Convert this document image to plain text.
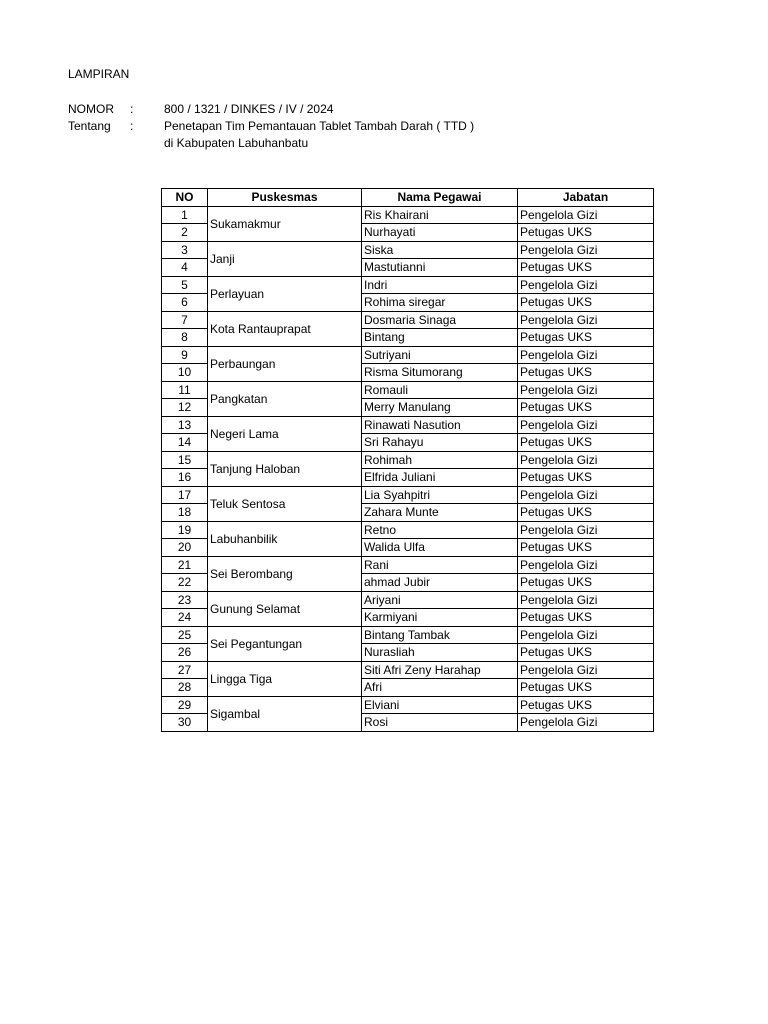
LAMPIRAN
NOMOR	:	800 / 1321 / DINKES / IV / 2024
Tentang	:	Penetapan Tim Pemantauan Tablet Tambah Darah ( TTD )
di Kabupaten Labuhanbatu
NO	Puskesmas	Nama Pegawai	Jabatan
1	Sukamakmur	Ris Khairani	Pengelola Gizi
2		Nurhayati	Petugas UKS
3	Janji	Siska	Pengelola Gizi
4		Mastutianni	Petugas UKS
5	Perlayuan	Indri	Pengelola Gizi
6		Rohima siregar	Petugas UKS
7	Kota Rantauprapat	Dosmaria Sinaga	Pengelola Gizi
8		Bintang	Petugas UKS
9	Perbaungan	Sutriyani	Pengelola Gizi
10		Risma Situmorang	Petugas UKS
11	Pangkatan	Romauli	Pengelola Gizi
12		Merry Manulang	Petugas UKS
13	Negeri Lama	Rinawati Nasution	Pengelola Gizi
14		Sri Rahayu	Petugas UKS
15	Tanjung Haloban	Rohimah	Pengelola Gizi
16		Elfrida Juliani	Petugas UKS
17	Teluk Sentosa	Lia Syahpitri	Pengelola Gizi
18		Zahara Munte	Petugas UKS
19	Labuhanbilik	Retno	Pengelola Gizi
20		Walida Ulfa	Petugas UKS
21	Sei Berombang	Rani	Pengelola Gizi
22		ahmad Jubir	Petugas UKS
23	Gunung Selamat	Ariyani	Pengelola Gizi
24		Karmiyani	Petugas UKS
25	Sei Pegantungan	Bintang Tambak	Pengelola Gizi
26		Nurasliah	Petugas UKS
27	Lingga Tiga	Siti Afri Zeny Harahap	Pengelola Gizi
28		Afri	Petugas UKS
29	Sigambal	Elviani	Petugas UKS
30		Rosi	Pengelola Gizi
